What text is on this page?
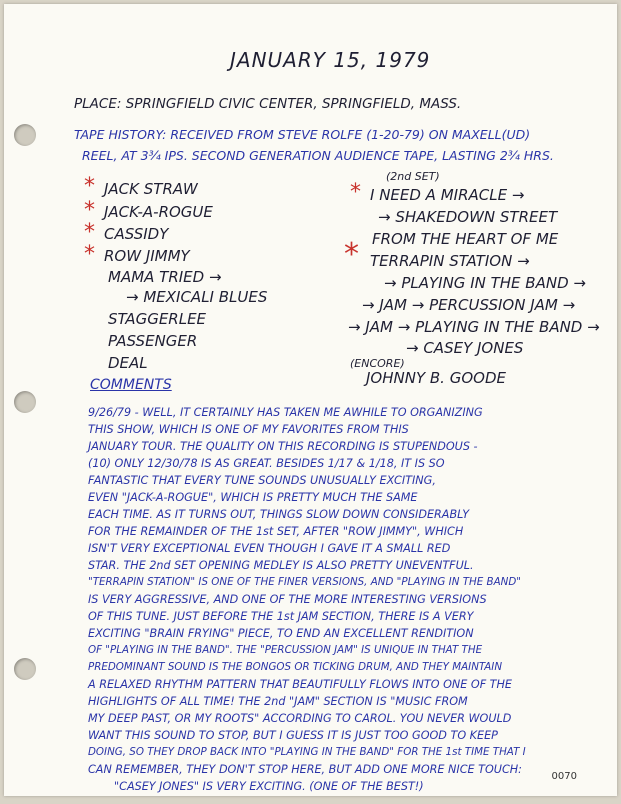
JANUARY 15, 1979
PLACE: SPRINGFIELD CIVIC CENTER, SPRINGFIELD, MASS.
TAPE HISTORY: RECEIVED FROM STEVE ROLFE (1-20-79) ON MAXELL(UD)
REEL, AT 3¾ IPS. SECOND GENERATION AUDIENCE TAPE, LASTING 2¾ HRS.
*
*
*
*
JACK STRAW
JACK-A-ROGUE
CASSIDY
ROW JIMMY
MAMA TRIED →
→ MEXICALI BLUES
STAGGERLEE
PASSENGER
DEAL
(2nd SET)
*
*
I NEED A MIRACLE →
→ SHAKEDOWN STREET
FROM THE HEART OF ME
TERRAPIN STATION →
→ PLAYING IN THE BAND →
→ JAM → PERCUSSION JAM →
→ JAM → PLAYING IN THE BAND →
→ CASEY JONES
(ENCORE)
JOHNNY B. GOODE
COMMENTS
9/26/79 - WELL, IT CERTAINLY HAS TAKEN ME AWHILE TO ORGANIZING
THIS SHOW, WHICH IS ONE OF MY FAVORITES FROM THIS
JANUARY TOUR. THE QUALITY ON THIS RECORDING IS STUPENDOUS -
(10) ONLY 12/30/78 IS AS GREAT. BESIDES 1/17 & 1/18, IT IS SO
FANTASTIC THAT EVERY TUNE SOUNDS UNUSUALLY EXCITING,
EVEN "JACK-A-ROGUE", WHICH IS PRETTY MUCH THE SAME
EACH TIME. AS IT TURNS OUT, THINGS SLOW DOWN CONSIDERABLY
FOR THE REMAINDER OF THE 1st SET, AFTER "ROW JIMMY", WHICH
ISN'T VERY EXCEPTIONAL EVEN THOUGH I GAVE IT A SMALL RED
STAR. THE 2nd SET OPENING MEDLEY IS ALSO PRETTY UNEVENTFUL.
"TERRAPIN STATION" IS ONE OF THE FINER VERSIONS, AND "PLAYING IN THE BAND"
IS VERY AGGRESSIVE, AND ONE OF THE MORE INTERESTING VERSIONS
OF THIS TUNE. JUST BEFORE THE 1st JAM SECTION, THERE IS A VERY
EXCITING "BRAIN FRYING" PIECE, TO END AN EXCELLENT RENDITION
OF "PLAYING IN THE BAND". THE "PERCUSSION JAM" IS UNIQUE IN THAT THE
PREDOMINANT SOUND IS THE BONGOS OR TICKING DRUM, AND THEY MAINTAIN
A RELAXED RHYTHM PATTERN THAT BEAUTIFULLY FLOWS INTO ONE OF THE
HIGHLIGHTS OF ALL TIME! THE 2nd "JAM" SECTION IS "MUSIC FROM
MY DEEP PAST, OR MY ROOTS" ACCORDING TO CAROL. YOU NEVER WOULD
WANT THIS SOUND TO STOP, BUT I GUESS IT IS JUST TOO GOOD TO KEEP
DOING, SO THEY DROP BACK INTO "PLAYING IN THE BAND" FOR THE 1st TIME THAT I
CAN REMEMBER, THEY DON'T STOP HERE, BUT ADD ONE MORE NICE TOUCH:
"CASEY JONES" IS VERY EXCITING. (ONE OF THE BEST!)
0070
